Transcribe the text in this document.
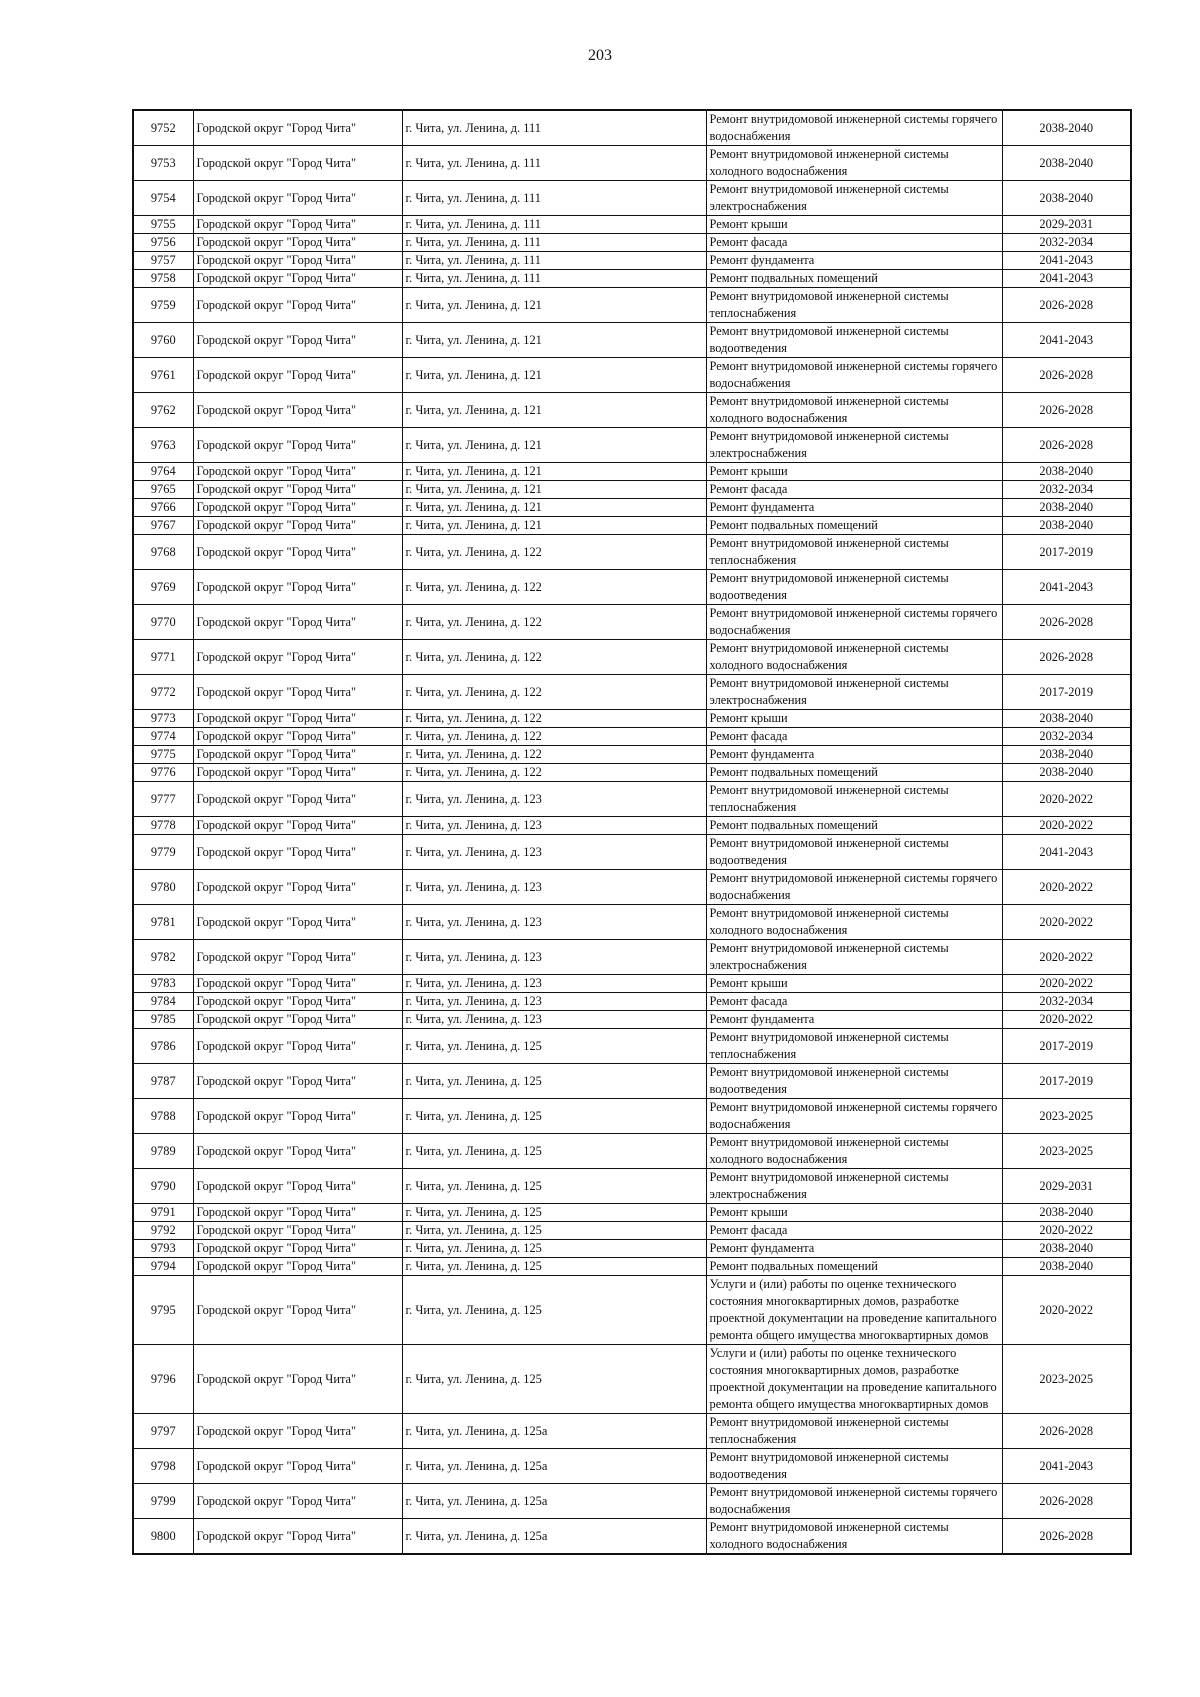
203
9752	Городской округ "Город Чита"	г. Чита, ул. Ленина, д. 111	Ремонт внутридомовой инженерной системы горячего водоснабжения	2038-2040
9753	Городской округ "Город Чита"	г. Чита, ул. Ленина, д. 111	Ремонт внутридомовой инженерной системы холодного водоснабжения	2038-2040
9754	Городской округ "Город Чита"	г. Чита, ул. Ленина, д. 111	Ремонт внутридомовой инженерной системы электроснабжения	2038-2040
9755	Городской округ "Город Чита"	г. Чита, ул. Ленина, д. 111	Ремонт крыши	2029-2031
9756	Городской округ "Город Чита"	г. Чита, ул. Ленина, д. 111	Ремонт фасада	2032-2034
9757	Городской округ "Город Чита"	г. Чита, ул. Ленина, д. 111	Ремонт фундамента	2041-2043
9758	Городской округ "Город Чита"	г. Чита, ул. Ленина, д. 111	Ремонт подвальных помещений	2041-2043
9759	Городской округ "Город Чита"	г. Чита, ул. Ленина, д. 121	Ремонт внутридомовой инженерной системы теплоснабжения	2026-2028
9760	Городской округ "Город Чита"	г. Чита, ул. Ленина, д. 121	Ремонт внутридомовой инженерной системы водоотведения	2041-2043
9761	Городской округ "Город Чита"	г. Чита, ул. Ленина, д. 121	Ремонт внутридомовой инженерной системы горячего водоснабжения	2026-2028
9762	Городской округ "Город Чита"	г. Чита, ул. Ленина, д. 121	Ремонт внутридомовой инженерной системы холодного водоснабжения	2026-2028
9763	Городской округ "Город Чита"	г. Чита, ул. Ленина, д. 121	Ремонт внутридомовой инженерной системы электроснабжения	2026-2028
9764	Городской округ "Город Чита"	г. Чита, ул. Ленина, д. 121	Ремонт крыши	2038-2040
9765	Городской округ "Город Чита"	г. Чита, ул. Ленина, д. 121	Ремонт фасада	2032-2034
9766	Городской округ "Город Чита"	г. Чита, ул. Ленина, д. 121	Ремонт фундамента	2038-2040
9767	Городской округ "Город Чита"	г. Чита, ул. Ленина, д. 121	Ремонт подвальных помещений	2038-2040
9768	Городской округ "Город Чита"	г. Чита, ул. Ленина, д. 122	Ремонт внутридомовой инженерной системы теплоснабжения	2017-2019
9769	Городской округ "Город Чита"	г. Чита, ул. Ленина, д. 122	Ремонт внутридомовой инженерной системы водоотведения	2041-2043
9770	Городской округ "Город Чита"	г. Чита, ул. Ленина, д. 122	Ремонт внутридомовой инженерной системы горячего водоснабжения	2026-2028
9771	Городской округ "Город Чита"	г. Чита, ул. Ленина, д. 122	Ремонт внутридомовой инженерной системы холодного водоснабжения	2026-2028
9772	Городской округ "Город Чита"	г. Чита, ул. Ленина, д. 122	Ремонт внутридомовой инженерной системы электроснабжения	2017-2019
9773	Городской округ "Город Чита"	г. Чита, ул. Ленина, д. 122	Ремонт крыши	2038-2040
9774	Городской округ "Город Чита"	г. Чита, ул. Ленина, д. 122	Ремонт фасада	2032-2034
9775	Городской округ "Город Чита"	г. Чита, ул. Ленина, д. 122	Ремонт фундамента	2038-2040
9776	Городской округ "Город Чита"	г. Чита, ул. Ленина, д. 122	Ремонт подвальных помещений	2038-2040
9777	Городской округ "Город Чита"	г. Чита, ул. Ленина, д. 123	Ремонт внутридомовой инженерной системы теплоснабжения	2020-2022
9778	Городской округ "Город Чита"	г. Чита, ул. Ленина, д. 123	Ремонт подвальных помещений	2020-2022
9779	Городской округ "Город Чита"	г. Чита, ул. Ленина, д. 123	Ремонт внутридомовой инженерной системы водоотведения	2041-2043
9780	Городской округ "Город Чита"	г. Чита, ул. Ленина, д. 123	Ремонт внутридомовой инженерной системы горячего водоснабжения	2020-2022
9781	Городской округ "Город Чита"	г. Чита, ул. Ленина, д. 123	Ремонт внутридомовой инженерной системы холодного водоснабжения	2020-2022
9782	Городской округ "Город Чита"	г. Чита, ул. Ленина, д. 123	Ремонт внутридомовой инженерной системы электроснабжения	2020-2022
9783	Городской округ "Город Чита"	г. Чита, ул. Ленина, д. 123	Ремонт крыши	2020-2022
9784	Городской округ "Город Чита"	г. Чита, ул. Ленина, д. 123	Ремонт фасада	2032-2034
9785	Городской округ "Город Чита"	г. Чита, ул. Ленина, д. 123	Ремонт фундамента	2020-2022
9786	Городской округ "Город Чита"	г. Чита, ул. Ленина, д. 125	Ремонт внутридомовой инженерной системы теплоснабжения	2017-2019
9787	Городской округ "Город Чита"	г. Чита, ул. Ленина, д. 125	Ремонт внутридомовой инженерной системы водоотведения	2017-2019
9788	Городской округ "Город Чита"	г. Чита, ул. Ленина, д. 125	Ремонт внутридомовой инженерной системы горячего водоснабжения	2023-2025
9789	Городской округ "Город Чита"	г. Чита, ул. Ленина, д. 125	Ремонт внутридомовой инженерной системы холодного водоснабжения	2023-2025
9790	Городской округ "Город Чита"	г. Чита, ул. Ленина, д. 125	Ремонт внутридомовой инженерной системы электроснабжения	2029-2031
9791	Городской округ "Город Чита"	г. Чита, ул. Ленина, д. 125	Ремонт крыши	2038-2040
9792	Городской округ "Город Чита"	г. Чита, ул. Ленина, д. 125	Ремонт фасада	2020-2022
9793	Городской округ "Город Чита"	г. Чита, ул. Ленина, д. 125	Ремонт фундамента	2038-2040
9794	Городской округ "Город Чита"	г. Чита, ул. Ленина, д. 125	Ремонт подвальных помещений	2038-2040
9795	Городской округ "Город Чита"	г. Чита, ул. Ленина, д. 125	Услуги и (или) работы по оценке технического состояния многоквартирных домов, разработке проектной документации на проведение капитального ремонта общего имущества многоквартирных домов	2020-2022
9796	Городской округ "Город Чита"	г. Чита, ул. Ленина, д. 125	Услуги и (или) работы по оценке технического состояния многоквартирных домов, разработке проектной документации на проведение капитального ремонта общего имущества многоквартирных домов	2023-2025
9797	Городской округ "Город Чита"	г. Чита, ул. Ленина, д. 125а	Ремонт внутридомовой инженерной системы теплоснабжения	2026-2028
9798	Городской округ "Город Чита"	г. Чита, ул. Ленина, д. 125а	Ремонт внутридомовой инженерной системы водоотведения	2041-2043
9799	Городской округ "Город Чита"	г. Чита, ул. Ленина, д. 125а	Ремонт внутридомовой инженерной системы горячего водоснабжения	2026-2028
9800	Городской округ "Город Чита"	г. Чита, ул. Ленина, д. 125а	Ремонт внутридомовой инженерной системы холодного водоснабжения	2026-2028
